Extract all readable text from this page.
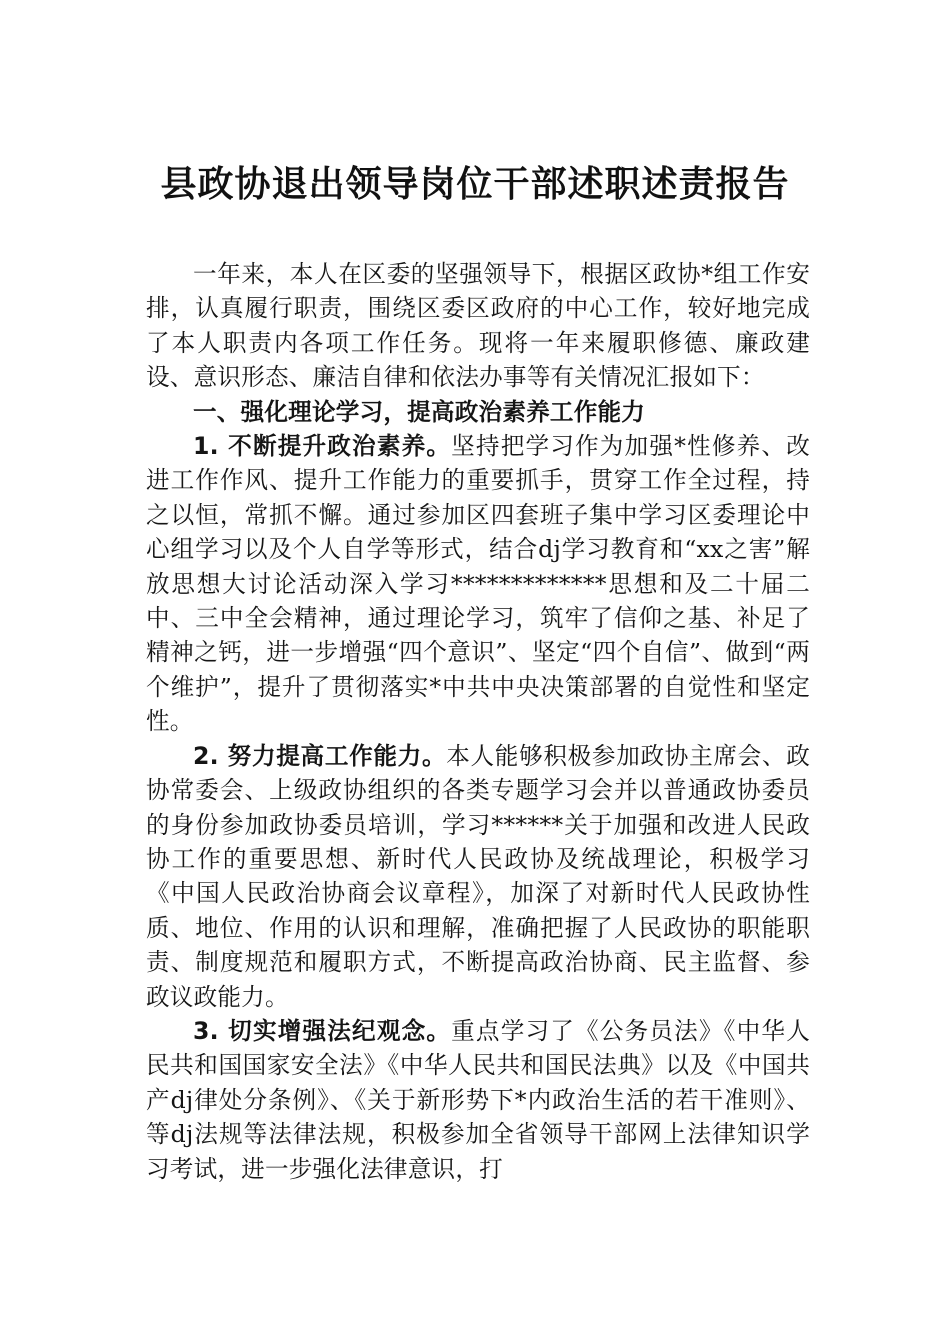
县政协退出领导岗位干部述职述责报告

一年来，本人在区委的坚强领导下，根据区政协*组工作安排，认真履行职责，围绕区委区政府的中心工作，较好地完成了本人职责内各项工作任务。现将一年来履职修德、廉政建设、意识形态、廉洁自律和依法办事等有关情况汇报如下：

一、强化理论学习，提高政治素养工作能力

1. 不断提升政治素养。坚持把学习作为加强*性修养、改进工作作风、提升工作能力的重要抓手，贯穿工作全过程，持之以恒，常抓不懈。通过参加区四套班子集中学习区委理论中心组学习以及个人自学等形式，结合dj学习教育和“xx之害”解放思想大讨论活动深入学习*************思想和及二十届二中、三中全会精神，通过理论学习，筑牢了信仰之基、补足了精神之钙，进一步增强“四个意识”、坚定“四个自信”、做到“两个维护”，提升了贯彻落实*中共中央决策部署的自觉性和坚定性。

2. 努力提高工作能力。本人能够积极参加政协主席会、政协常委会、上级政协组织的各类专题学习会并以普通政协委员的身份参加政协委员培训，学习******关于加强和改进人民政协工作的重要思想、新时代人民政协及统战理论，积极学习《中国人民政治协商会议章程》，加深了对新时代人民政协性质、地位、作用的认识和理解，准确把握了人民政协的职能职责、制度规范和履职方式，不断提高政治协商、民主监督、参政议政能力。

3. 切实增强法纪观念。重点学习了《公务员法》《中华人民共和国国家安全法》《中华人民共和国民法典》以及《中国共产dj律处分条例》、《关于新形势下*内政治生活的若干准则》、等dj法规等法律法规，积极参加全省领导干部网上法律知识学习考试，进一步强化法律意识，打
